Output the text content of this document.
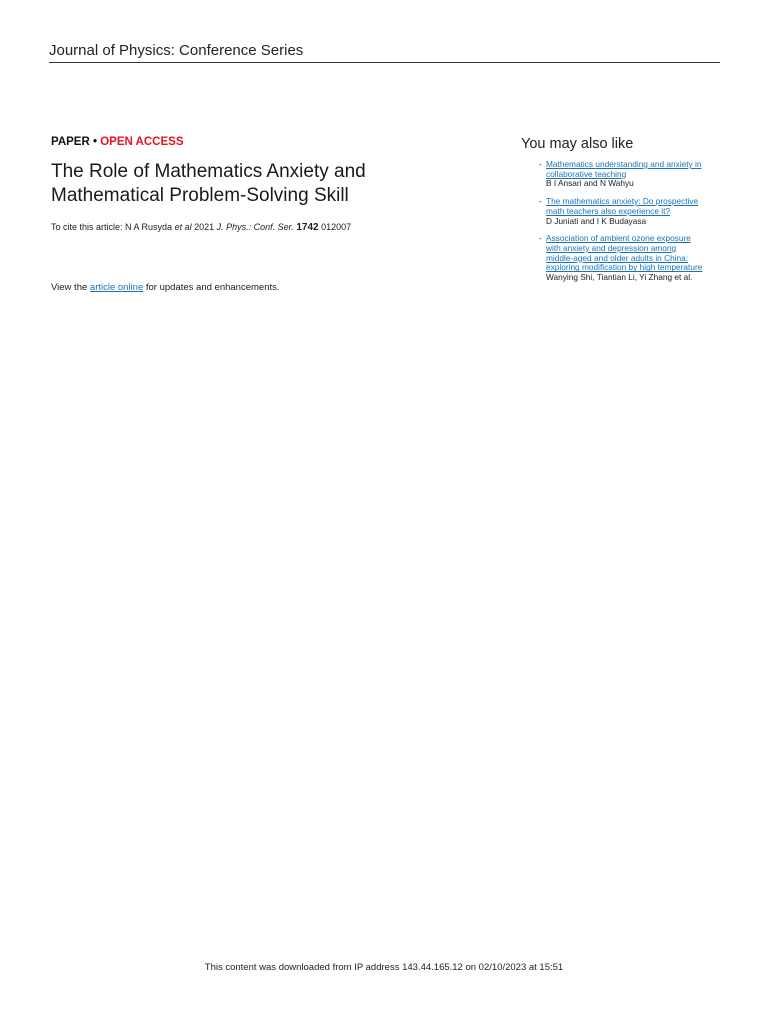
Journal of Physics: Conference Series
PAPER • OPEN ACCESS
The Role of Mathematics Anxiety and
Mathematical Problem-Solving Skill
To cite this article: N A Rusyda et al 2021 J. Phys.: Conf. Ser. 1742 012007
View the article online for updates and enhancements.
You may also like
- Mathematics understanding and anxiety in
collaborative teaching
B I Ansari and N Wahyu
- The mathematics anxiety: Do prospective
math teachers also experience it?
D Juniati and I K Budayasa
- Association of ambient ozone exposure
with anxiety and depression among
middle-aged and older adults in China:
exploring modification by high temperature
Wanying Shi, Tiantian Li, Yi Zhang et al.
This content was downloaded from IP address 143.44.165.12 on 02/10/2023 at 15:51
